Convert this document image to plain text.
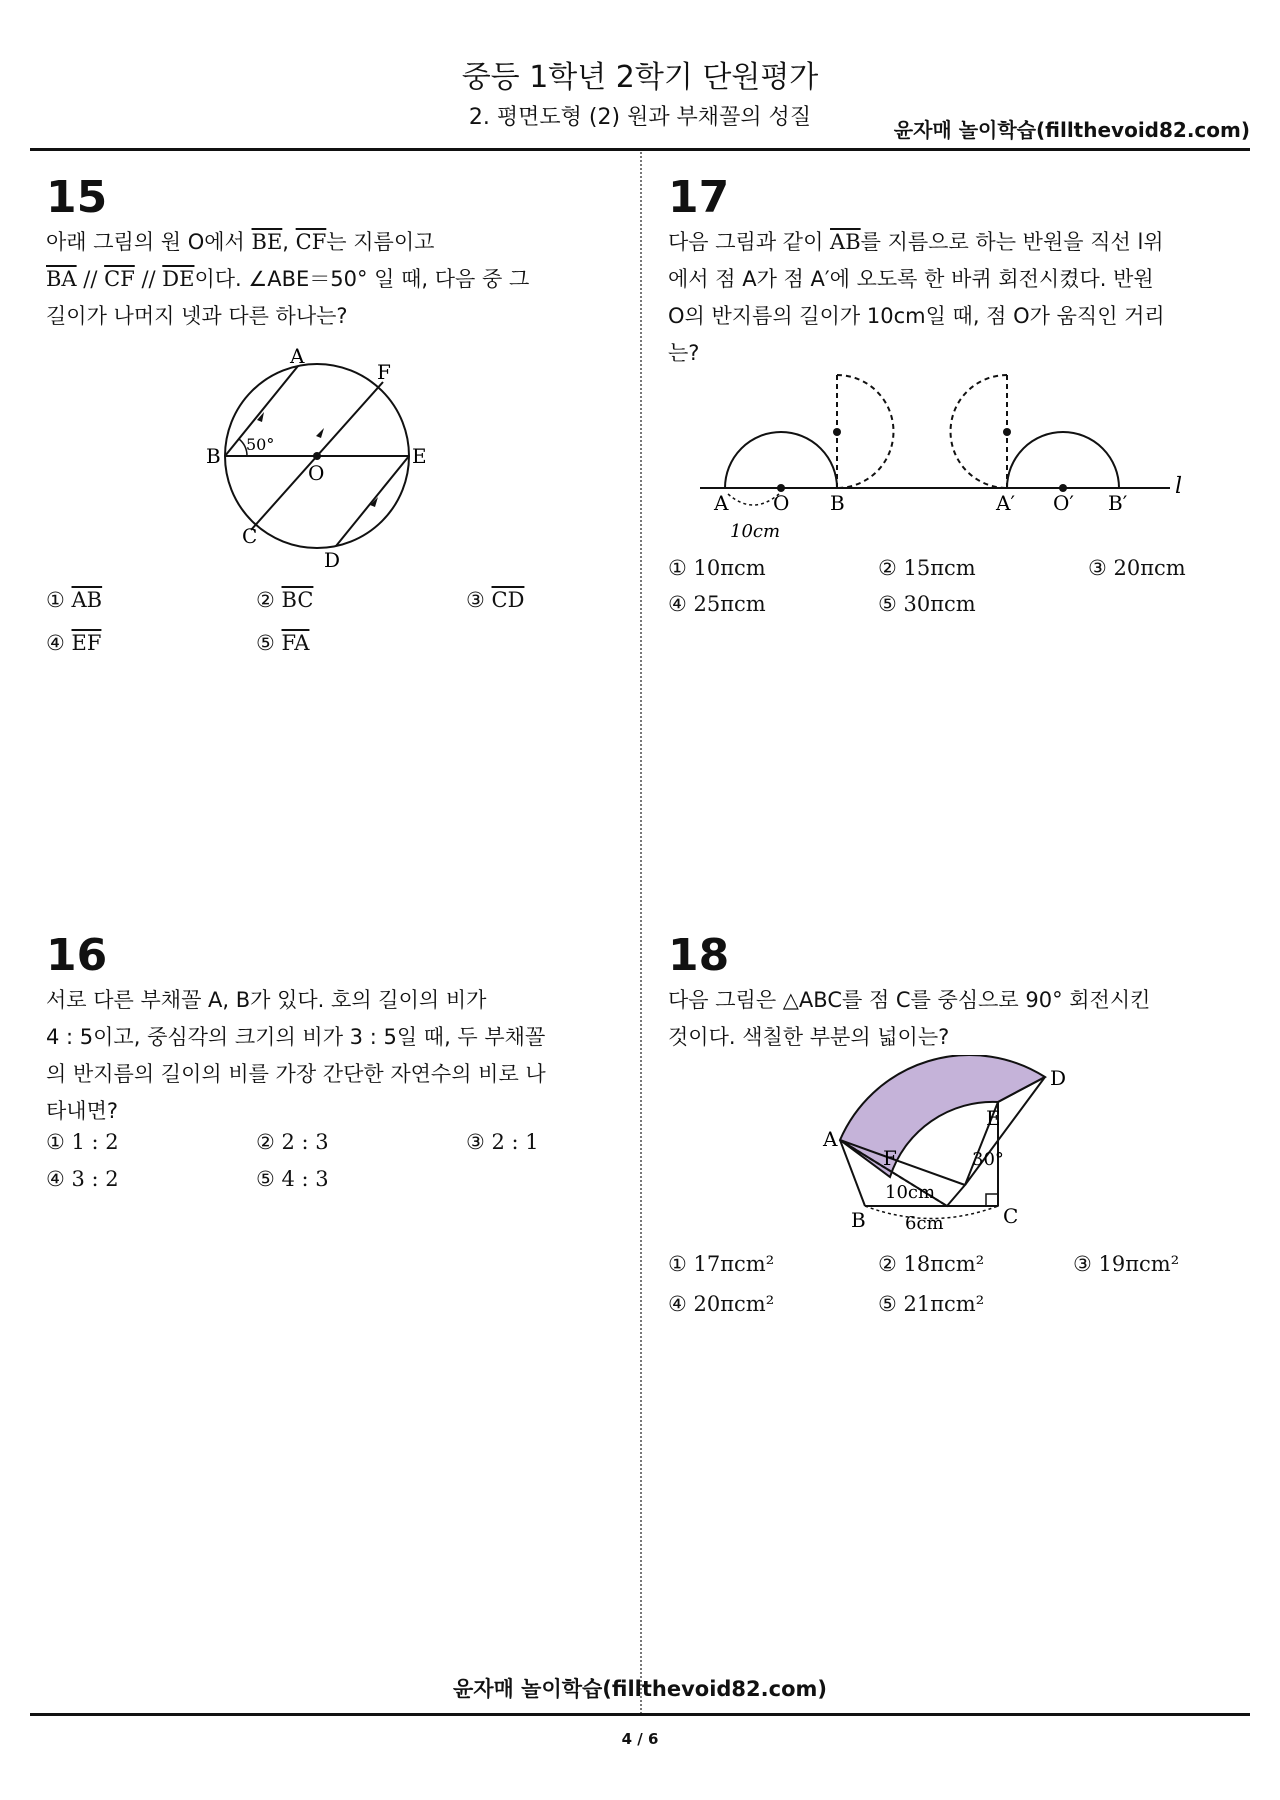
중등 1학년 2학기 단원평가
2. 평면도형 (2) 원과 부채꼴의 성질	윤자매 놀이학습(fillthevoid82.com)
15

아래 그림의 원 O에서 $\overline{BE}$, $\overline{CF}$는 지름이고

$\overline{BA} // \overline{CF} // \overline{DE}$이다. ∠ABE＝50° 일 때, 다음 중 그

길이가 나머지 넷과 다른 하나는?

A
F
B	E
O
C
D
50°
① $\overline{AB}$	② $\overline{BC}$	③ $\overline{CD}$
④ $\overline{EF}$	⑤ $\overline{FA}$
16

서로 다른 부채꼴 A, B가 있다. 호의 길이의 비가

4 : 5이고, 중심각의 크기의 비가 3 : 5일 때, 두 부채꼴

의 반지름의 길이의 비를 가장 간단한 자연수의 비로 나

타내면?

① 1 : 2	② 2 : 3	③ 2 : 1
④ 3 : 2	⑤ 4 : 3
17

다음 그림과 같이 $\overline{AB}$를 지름으로 하는 반원을 직선 l위

에서 점 A가 점 A′에 오도록 한 바퀴 회전시켰다. 반원

O의 반지름의 길이가 10cm일 때, 점 O가 움직인 거리

는?

A O B	A′ O′ B′
l
10cm
① 10πcm	② 15πcm	③ 20πcm
④ 25πcm	⑤ 30πcm
18

다음 그림은 △ABC를 점 C를 중심으로 90° 회전시킨

것이다. 색칠한 부분의 넓이는?

A
B	C
D
E
F	30°
10cm
6cm
① 17πcm²	② 18πcm²	③ 19πcm²
④ 20πcm²	⑤ 21πcm²
윤자매 놀이학습(fillthevoid82.com)
4 / 6
